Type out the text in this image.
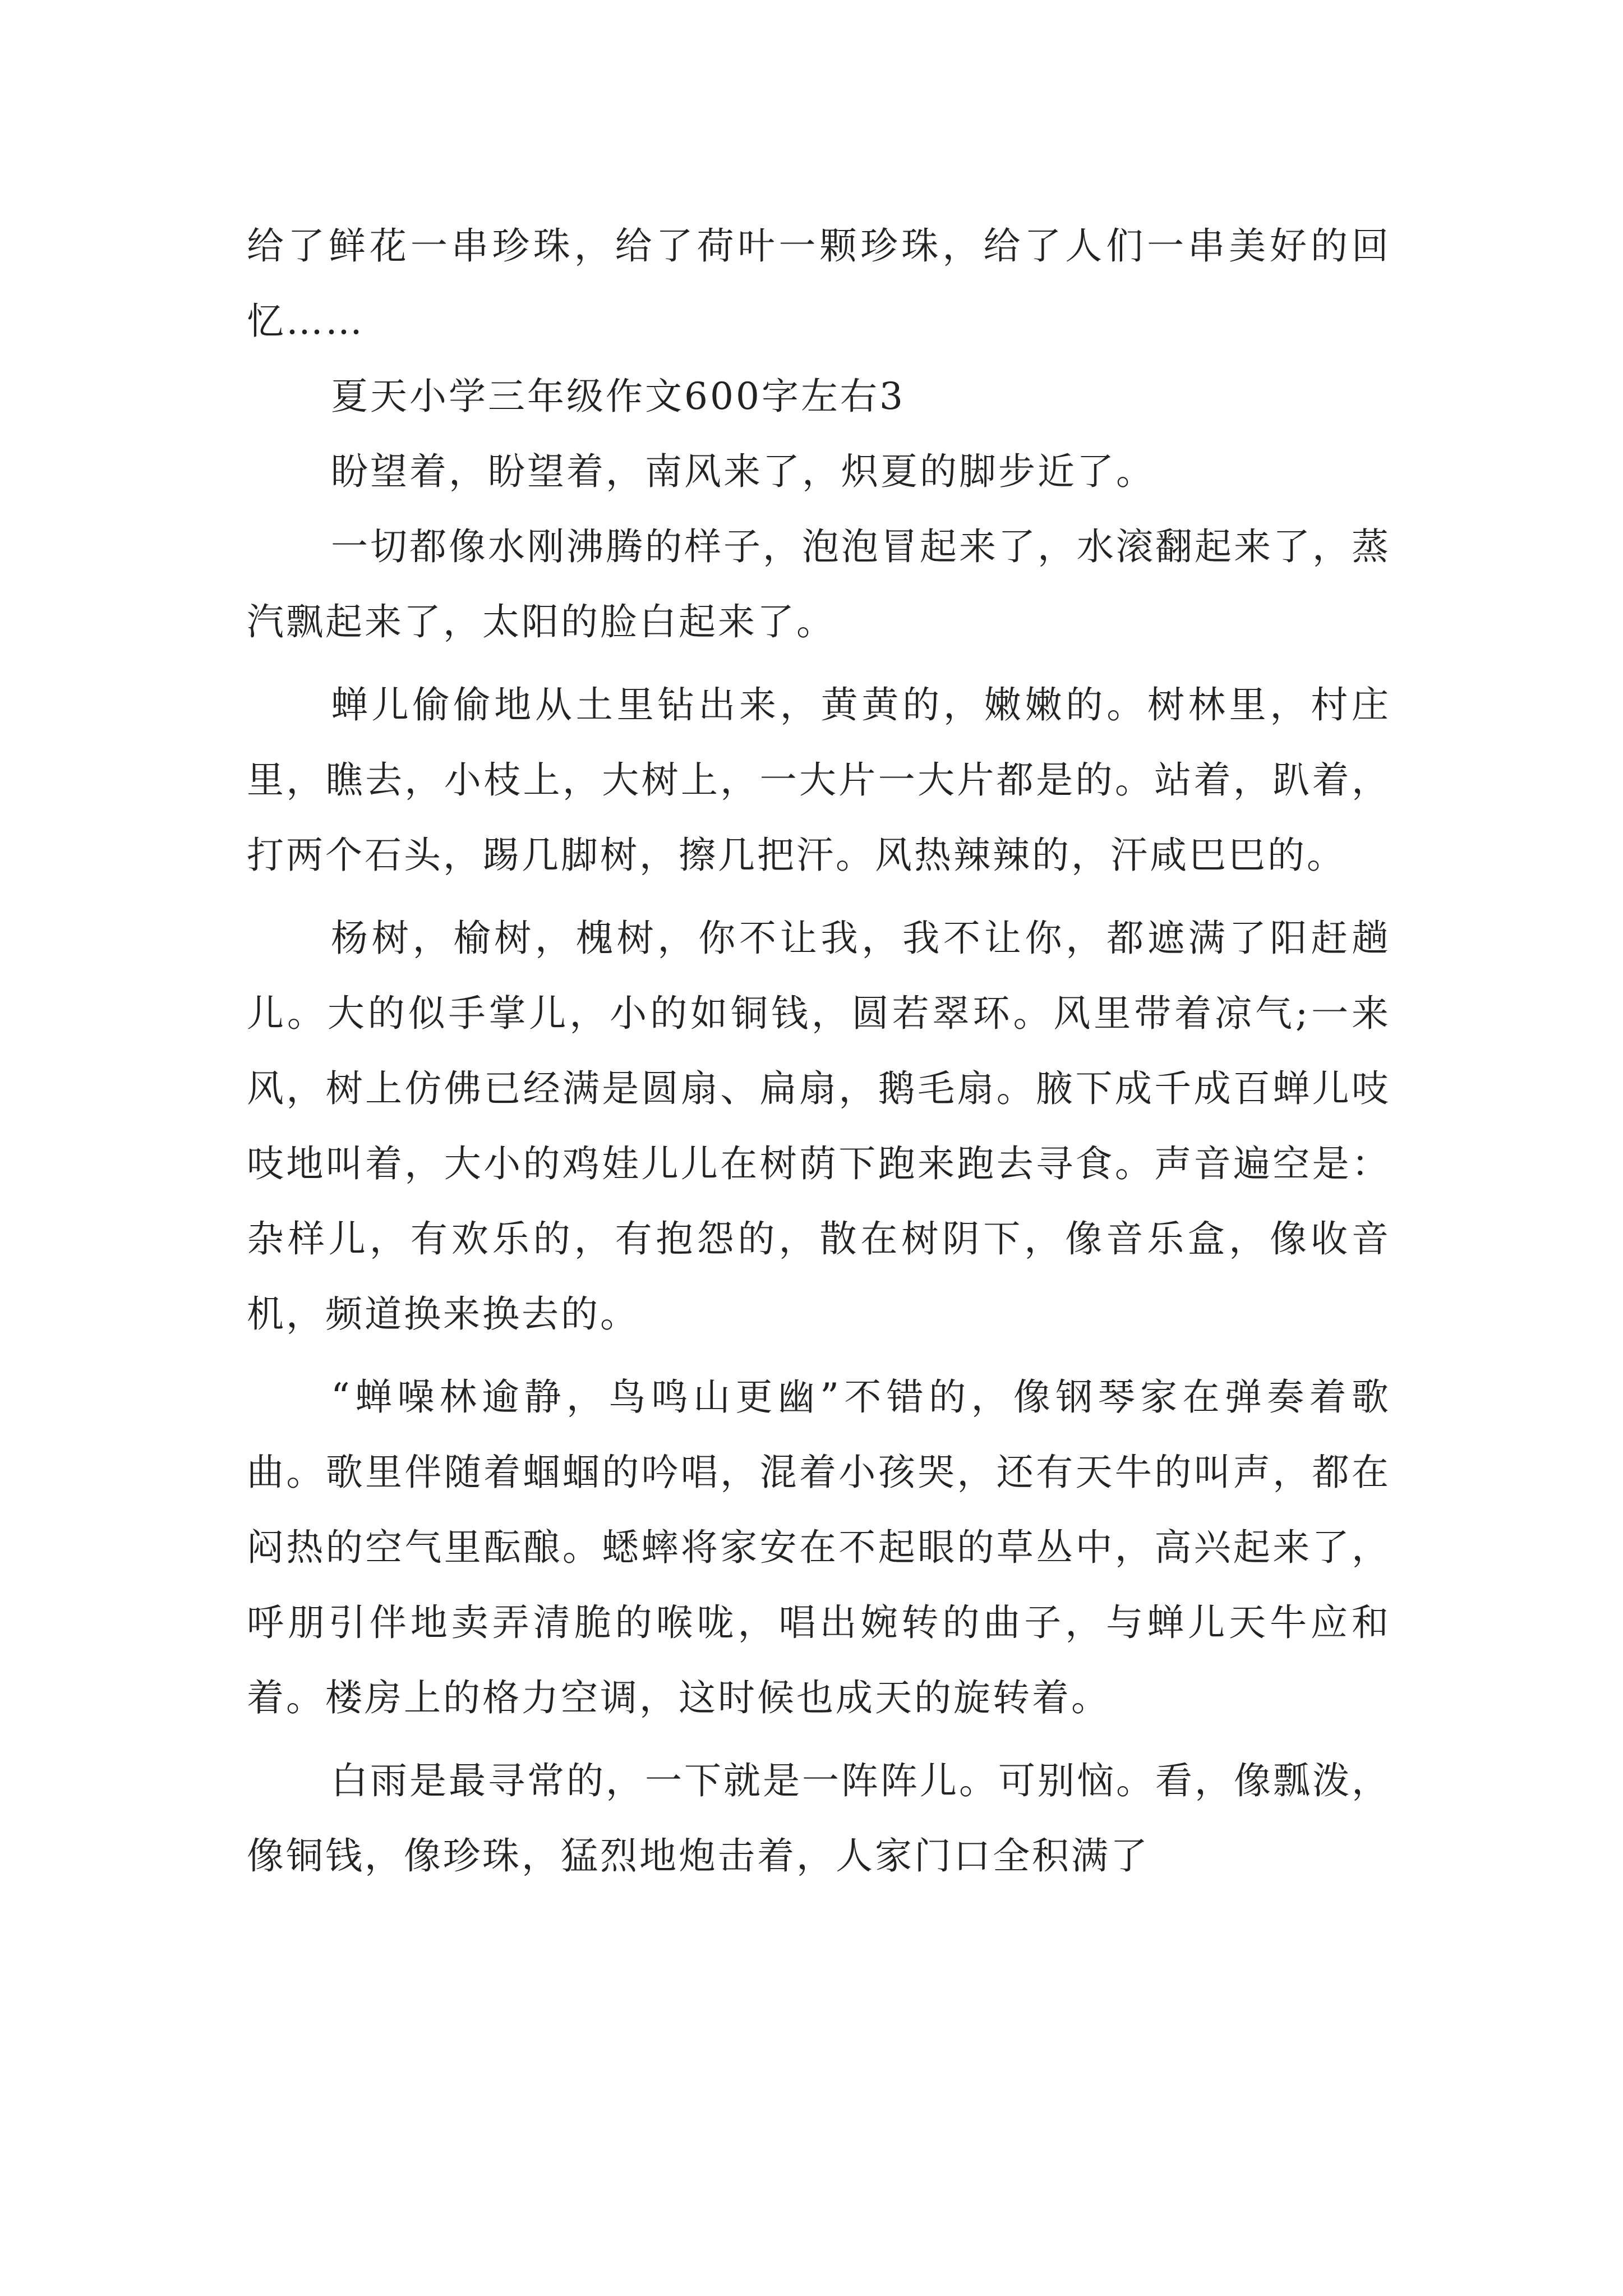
给了鲜花一串珍珠，给了荷叶一颗珍珠，给了人们一串美好的回忆……

夏天小学三年级作文600字左右3

盼望着，盼望着，南风来了，炽夏的脚步近了。

一切都像水刚沸腾的样子，泡泡冒起来了，水滚翻起来了，蒸汽飘起来了，太阳的脸白起来了。

蝉儿偷偷地从土里钻出来，黄黄的，嫩嫩的。树林里，村庄里，瞧去，小枝上，大树上，一大片一大片都是的。站着，趴着，打两个石头，踢几脚树，擦几把汗。风热辣辣的，汗咸巴巴的。

杨树，榆树，槐树，你不让我，我不让你，都遮满了阳赶趟儿。大的似手掌儿，小的如铜钱，圆若翠环。风里带着凉气;一来风，树上仿佛已经满是圆扇、扁扇，鹅毛扇。腋下成千成百蝉儿吱吱地叫着，大小的鸡娃儿儿在树荫下跑来跑去寻食。声音遍空是：杂样儿，有欢乐的，有抱怨的，散在树阴下，像音乐盒，像收音机，频道换来换去的。

“蝉噪林逾静，鸟鸣山更幽”不错的，像钢琴家在弹奏着歌曲。歌里伴随着蝈蝈的吟唱，混着小孩哭，还有天牛的叫声，都在闷热的空气里酝酿。蟋蟀将家安在不起眼的草丛中，高兴起来了，呼朋引伴地卖弄清脆的喉咙，唱出婉转的曲子，与蝉儿天牛应和着。楼房上的格力空调，这时候也成天的旋转着。

白雨是最寻常的，一下就是一阵阵儿。可别恼。看，像瓢泼，像铜钱，像珍珠，猛烈地炮击着，人家门口全积满了
